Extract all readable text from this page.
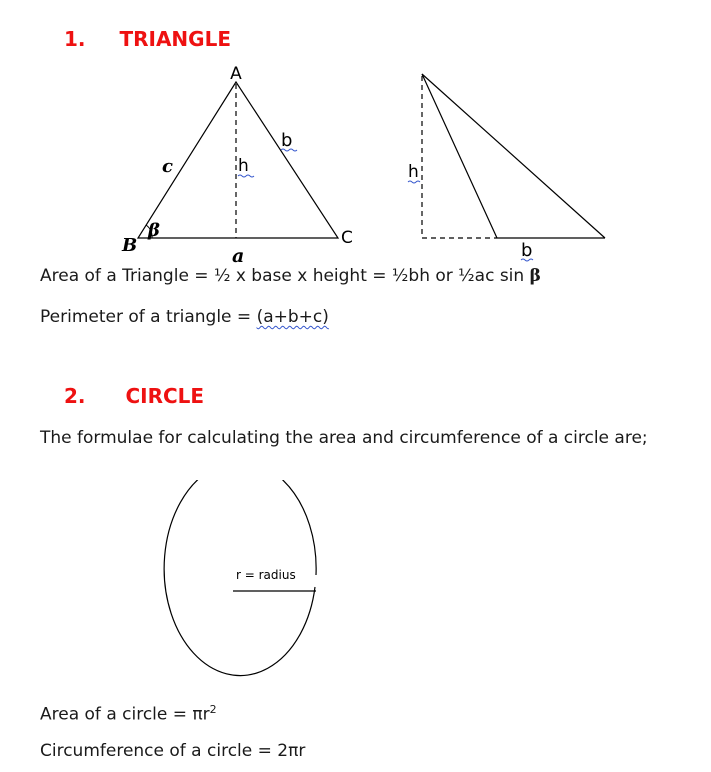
1. TRIANGLE
A
B	C
c
b
a
β
h	h
b
Area of a Triangle = ½ x base x height = ½bh or ½ac sin β
Perimeter of a triangle = (a+b+c)
2. CIRCLE
The formulae for calculating the area and circumference of a circle are;
r = radius
Area of a circle = $\pi r^2$
Circumference of a circle = 2πr
